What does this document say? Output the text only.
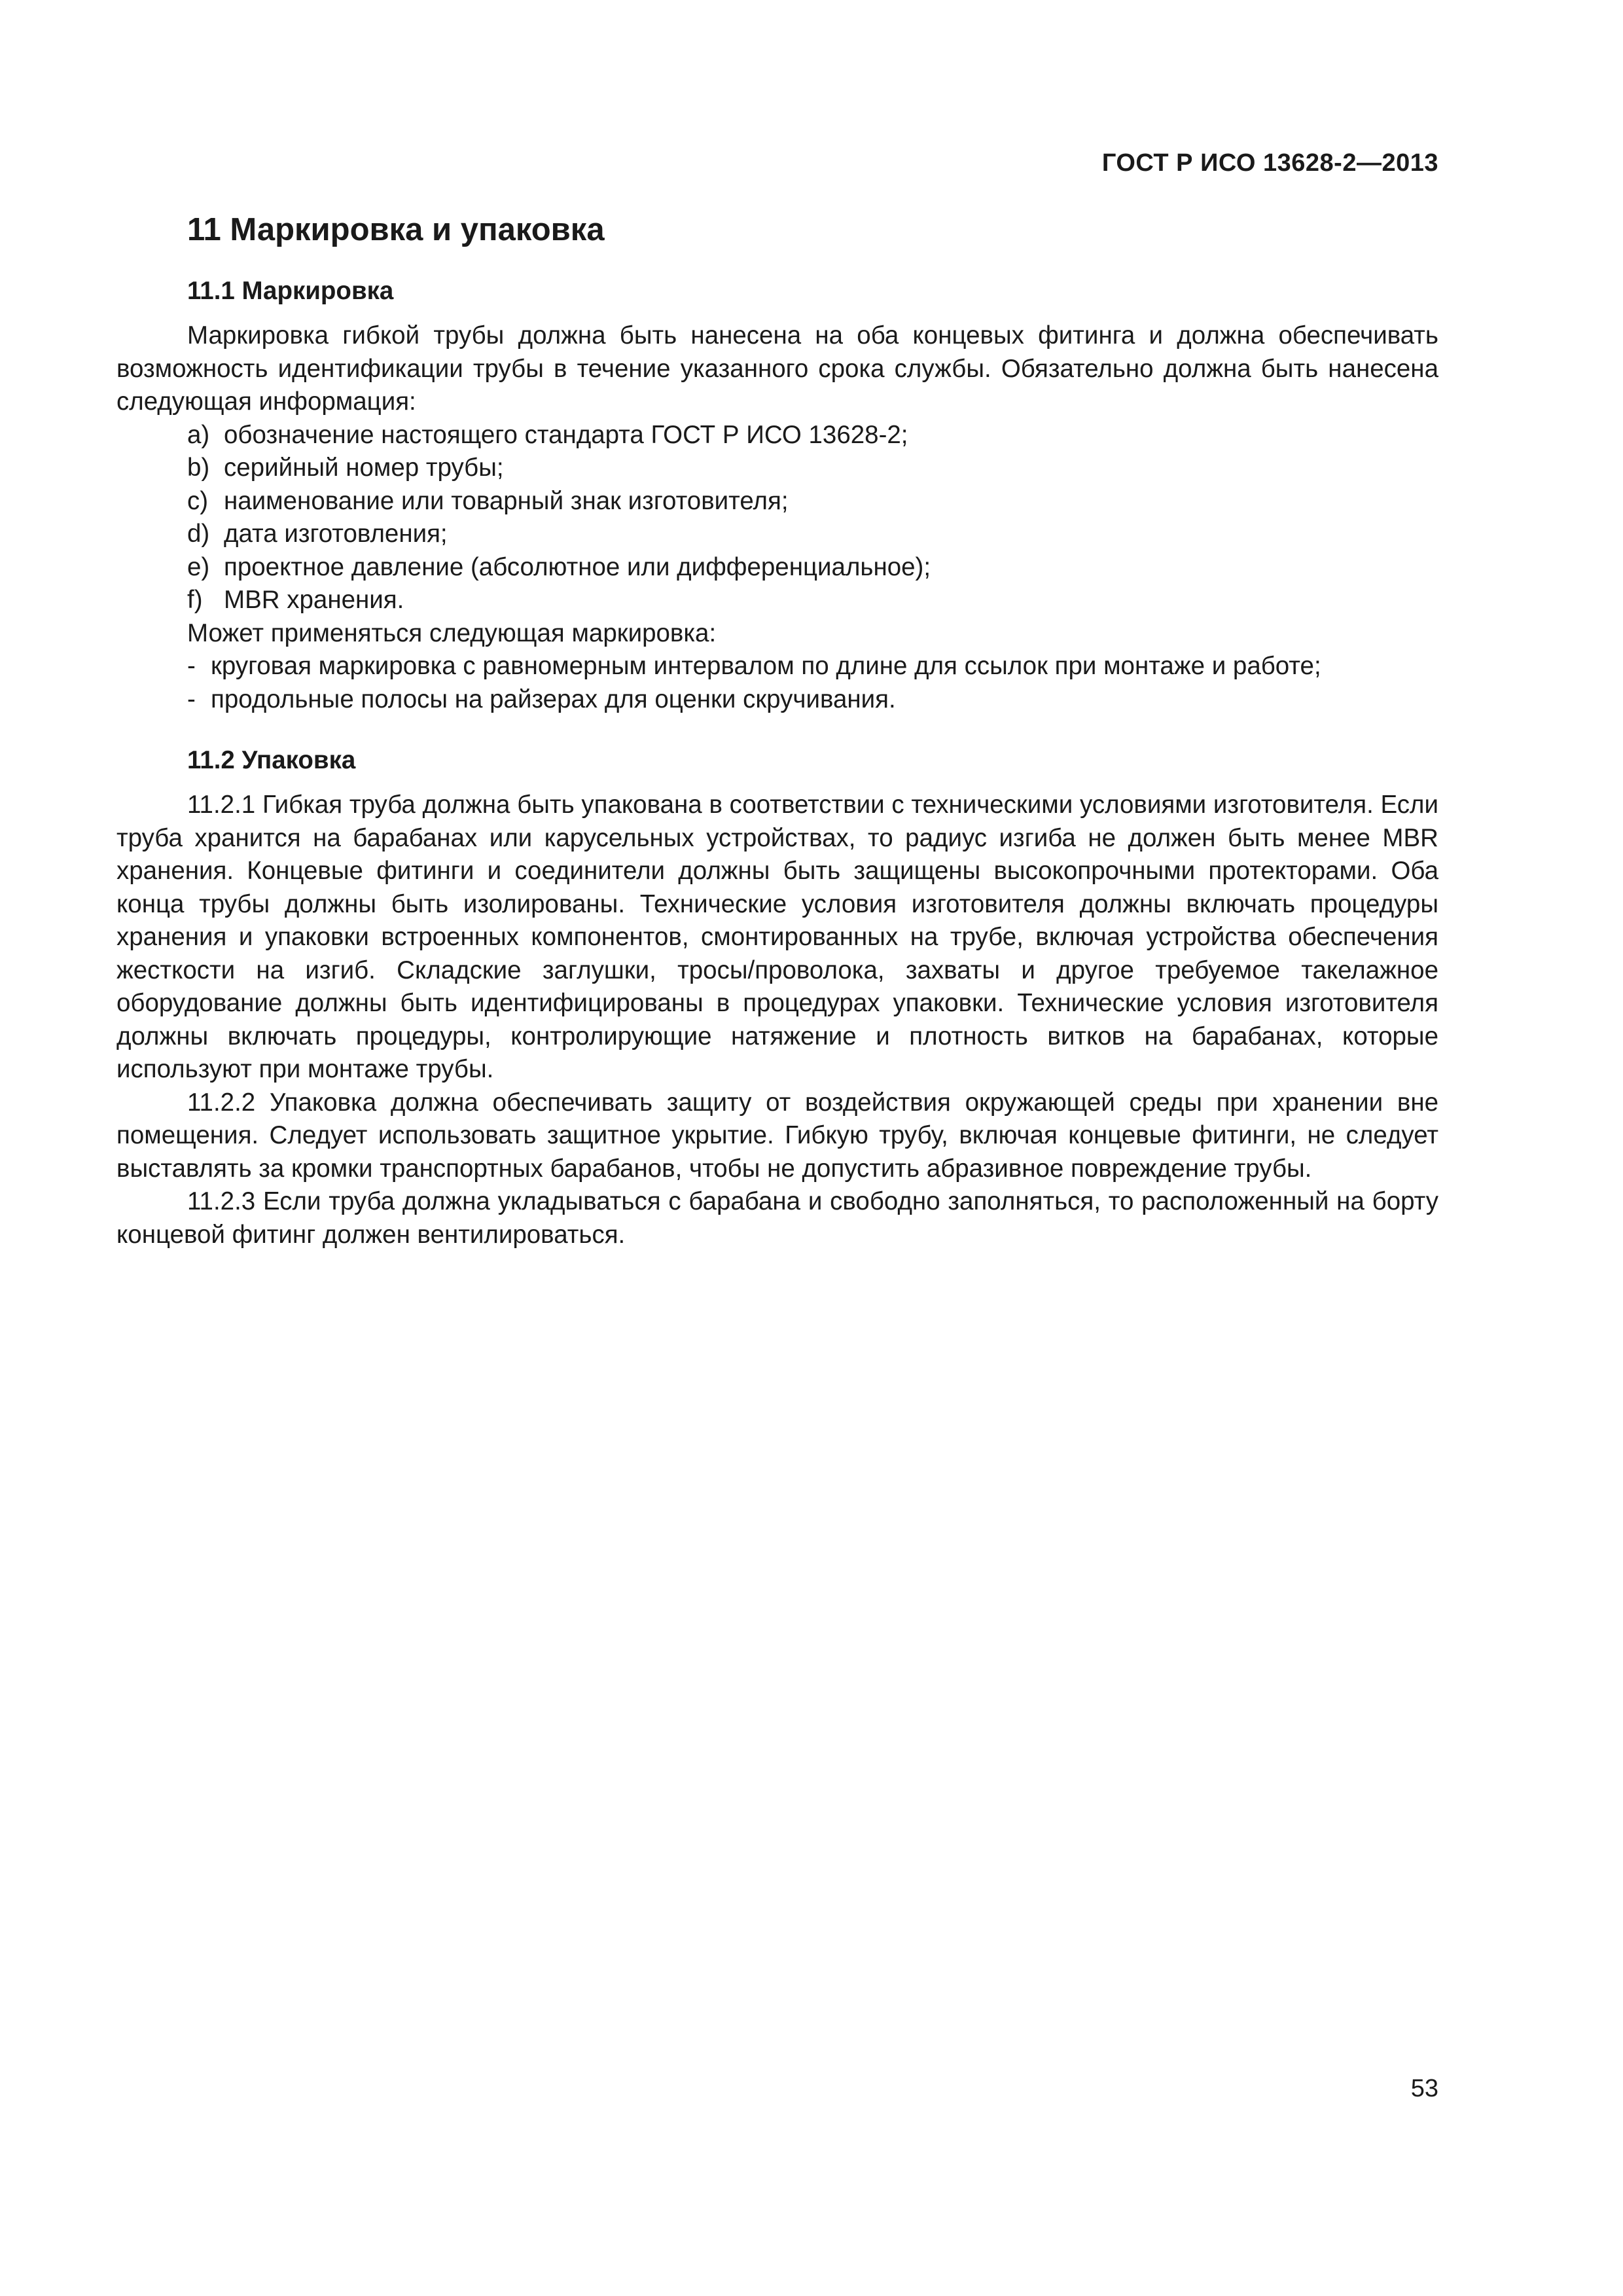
ГОСТ Р ИСО 13628-2—2013
11 Маркировка и упаковка
11.1 Маркировка

Маркировка гибкой трубы должна быть нанесена на оба концевых фитинга и должна обеспечивать возможность идентификации трубы в течение указанного срока службы. Обязательно должна быть нанесена следующая информация:

a) обозначение настоящего стандарта ГОСТ Р ИСО 13628-2;
b) серийный номер трубы;
c) наименование или товарный знак изготовителя;
d) дата изготовления;
e) проектное давление (абсолютное или дифференциальное);
f) MBR хранения.
Может применяться следующая маркировка:
- круговая маркировка с равномерным интервалом по длине для ссылок при монтаже и работе;
- продольные полосы на райзерах для оценки скручивания.
11.2 Упаковка

11.2.1 Гибкая труба должна быть упакована в соответствии с техническими условиями изготовителя. Если труба хранится на барабанах или карусельных устройствах, то радиус изгиба не должен быть менее MBR хранения. Концевые фитинги и соединители должны быть защищены высокопрочными протекторами. Оба конца трубы должны быть изолированы. Технические условия изготовителя должны включать процедуры хранения и упаковки встроенных компонентов, смонтированных на трубе, включая устройства обеспечения жесткости на изгиб. Складские заглушки, тросы/проволока, захваты и другое требуемое такелажное оборудование должны быть идентифицированы в процедурах упаковки. Технические условия изготовителя должны включать процедуры, контролирующие натяжение и плотность витков на барабанах, которые используют при монтаже трубы.

11.2.2 Упаковка должна обеспечивать защиту от воздействия окружающей среды при хранении вне помещения. Следует использовать защитное укрытие. Гибкую трубу, включая концевые фитинги, не следует выставлять за кромки транспортных барабанов, чтобы не допустить абразивное повреждение трубы.

11.2.3 Если труба должна укладываться с барабана и свободно заполняться, то расположенный на борту концевой фитинг должен вентилироваться.

53
